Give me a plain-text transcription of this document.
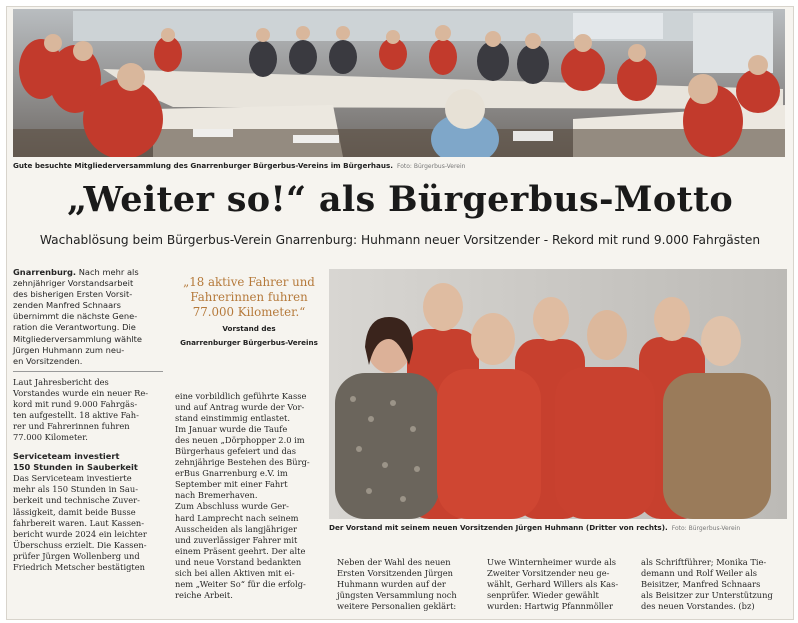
Gute besuchte Mitgliederversammlung des Gnarrenburger Bürgerbus-Vereins im Bürgerhaus. Foto: Bürgerbus-Verein
„Weiter so!“ als Bürgerbus-Motto
Wachablösung beim Bürgerbus-Verein Gnarrenburg: Huhmann neuer Vorsitzender - Rekord mit rund 9.000 Fahrgästen

Gnarrenburg. Nach mehr als

zehnjähriger Vorstandsarbeit

des bisherigen Ersten Vorsit-

zenden Manfred Schnaars

übernimmt die nächste Gene-

ration die Verantwortung. Die

Mitgliederversammlung wählte

Jürgen Huhmann zum neu-

en Vorsitzenden.

Laut Jahresbericht des

Vorstandes wurde ein neuer Re-

kord mit rund 9.000 Fahrgäs-

ten aufgestellt. 18 aktive Fah-

rer und Fahrerinnen fuhren

77.000 Kilometer.

Serviceteam investiert

150 Stunden in Sauberkeit

Das Serviceteam investierte

mehr als 150 Stunden in Sau-

berkeit und technische Zuver-

lässigkeit, damit beide Busse

fahrbereit waren. Laut Kassen-

bericht wurde 2024 ein leichter

Überschuss erzielt. Die Kassen-

prüfer Jürgen Wollenberg und

Friedrich Metscher bestätigten

„18 aktive Fahrer und
Fahrerinnen fuhren
77.000 Kilometer.“
Vorstand des
Gnarrenburger Bürgerbus-Vereins

eine vorbildlich geführte Kasse

und auf Antrag wurde der Vor-

stand einstimmig entlastet.

Im Januar wurde die Taufe

des neuen „Dörphopper 2.0 im

Bürgerhaus gefeiert und das

zehnjährige Bestehen des Bürg-

erBus Gnarrenburg e.V. im

September mit einer Fahrt

nach Bremerhaven.

Zum Abschluss wurde Ger-

hard Lamprecht nach seinem

Ausscheiden als langjähriger

und zuverlässiger Fahrer mit

einem Präsent geehrt. Der alte

und neue Vorstand bedankten

sich bei allen Aktiven mit ei-

nem „Weiter So“ für die erfolg-

reiche Arbeit.

Der Vorstand mit seinem neuen Vorsitzenden Jürgen Huhmann (Dritter von rechts). Foto: Bürgerbus-Verein

Neben der Wahl des neuen

Ersten Vorsitzenden Jürgen

Huhmann wurden auf der

jüngsten Versammlung noch

weitere Personalien geklärt:

Uwe Winternheimer wurde als

Zweiter Vorsitzender neu ge-

wählt, Gerhard Willers als Kas-

senprüfer. Wieder gewählt

wurden: Hartwig Pfannmöller

als Schriftführer; Monika Tie-

demann und Rolf Weiler als

Beisitzer, Manfred Schnaars

als Beisitzer zur Unterstützung

des neuen Vorstandes. (bz)
